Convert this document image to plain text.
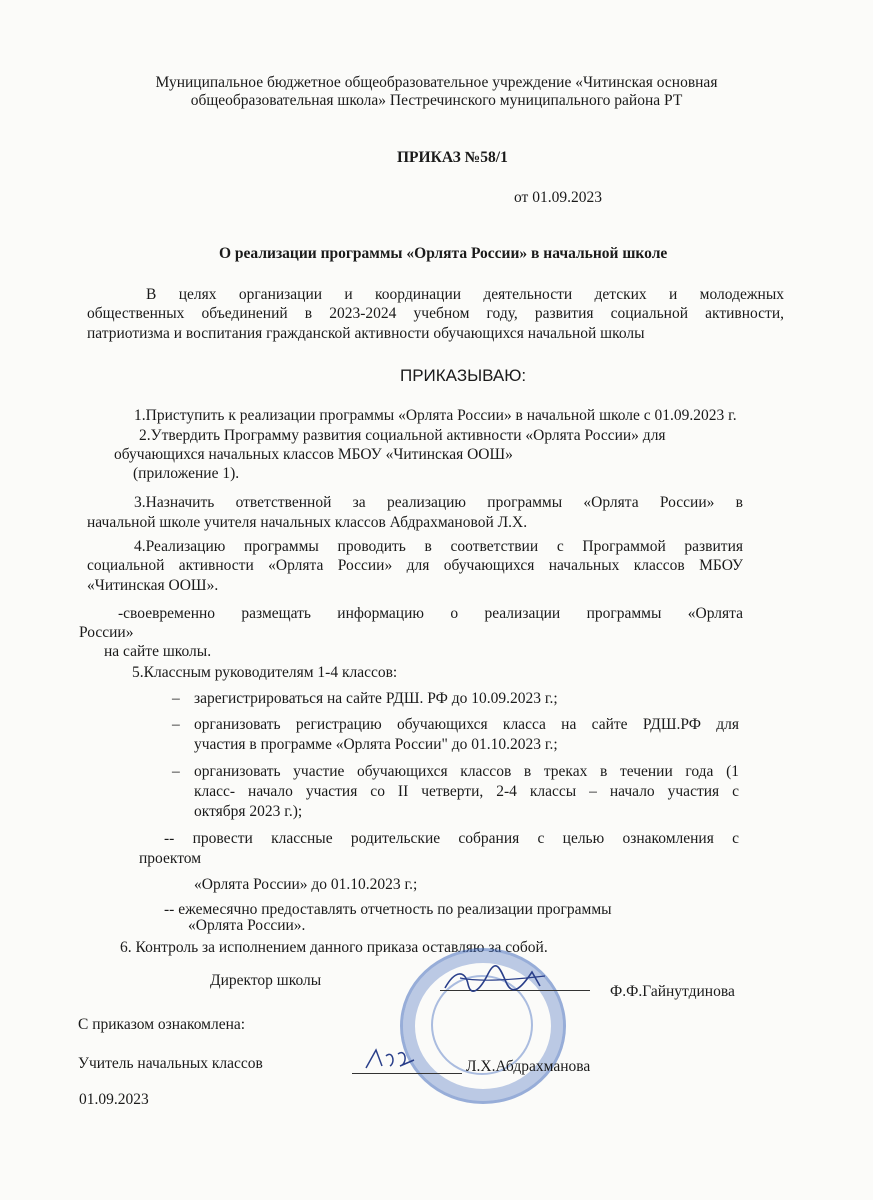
Муниципальное бюджетное общеобразовательное учреждение «Читинская основная
общеобразовательная школа» Пестречинского муниципального района РТ
ПРИКАЗ №58/1
от 01.09.2023
О реализации программы «Орлята России» в начальной школе
В целях организации и координации деятельности детских и молодежных
общественных объединений в 2023-2024 учебном году, развития социальной активности,
патриотизма и воспитания гражданской активности обучающихся начальной школы
ПРИКАЗЫВАЮ:
1.Приступить к реализации программы «Орлята России» в начальной школе с 01.09.2023 г.
2.Утвердить Программу развития социальной активности «Орлята России» для
обучающихся начальных классов МБОУ «Читинская ООШ»
(приложение 1).
3.Назначить ответственной за реализацию программы «Орлята России» в
начальной школе учителя начальных классов Абдрахмановой Л.Х.
4.Реализацию программы проводить в соответствии с Программой развития
социальной активности «Орлята России» для обучающихся начальных классов МБОУ
«Читинская ООШ».
-своевременно размещать информацию о реализации программы «Орлята
России»
на сайте школы.
5.Классным руководителям 1-4 классов:
– зарегистрироваться на сайте РДШ. РФ до 10.09.2023 г.;
– организовать регистрацию обучающихся класса на сайте РДШ.РФ для
участия в программе «Орлята России" до 01.10.2023 г.;
– организовать участие обучающихся классов в треках в течении года (1
класс- начало участия со II четверти, 2-4 классы – начало участия с
октября 2023 г.);
-- провести классные родительские собрания с целью ознакомления с
проектом
«Орлята России» до 01.10.2023 г.;
-- ежемесячно предоставлять отчетность по реализации программы
«Орлята России».
6. Контроль за исполнением данного приказа оставляю за собой.
Директор школы
Ф.Ф.Гайнутдинова
С приказом ознакомлена:
Учитель начальных классов	Л.Х.Абдрахманова
01.09.2023
